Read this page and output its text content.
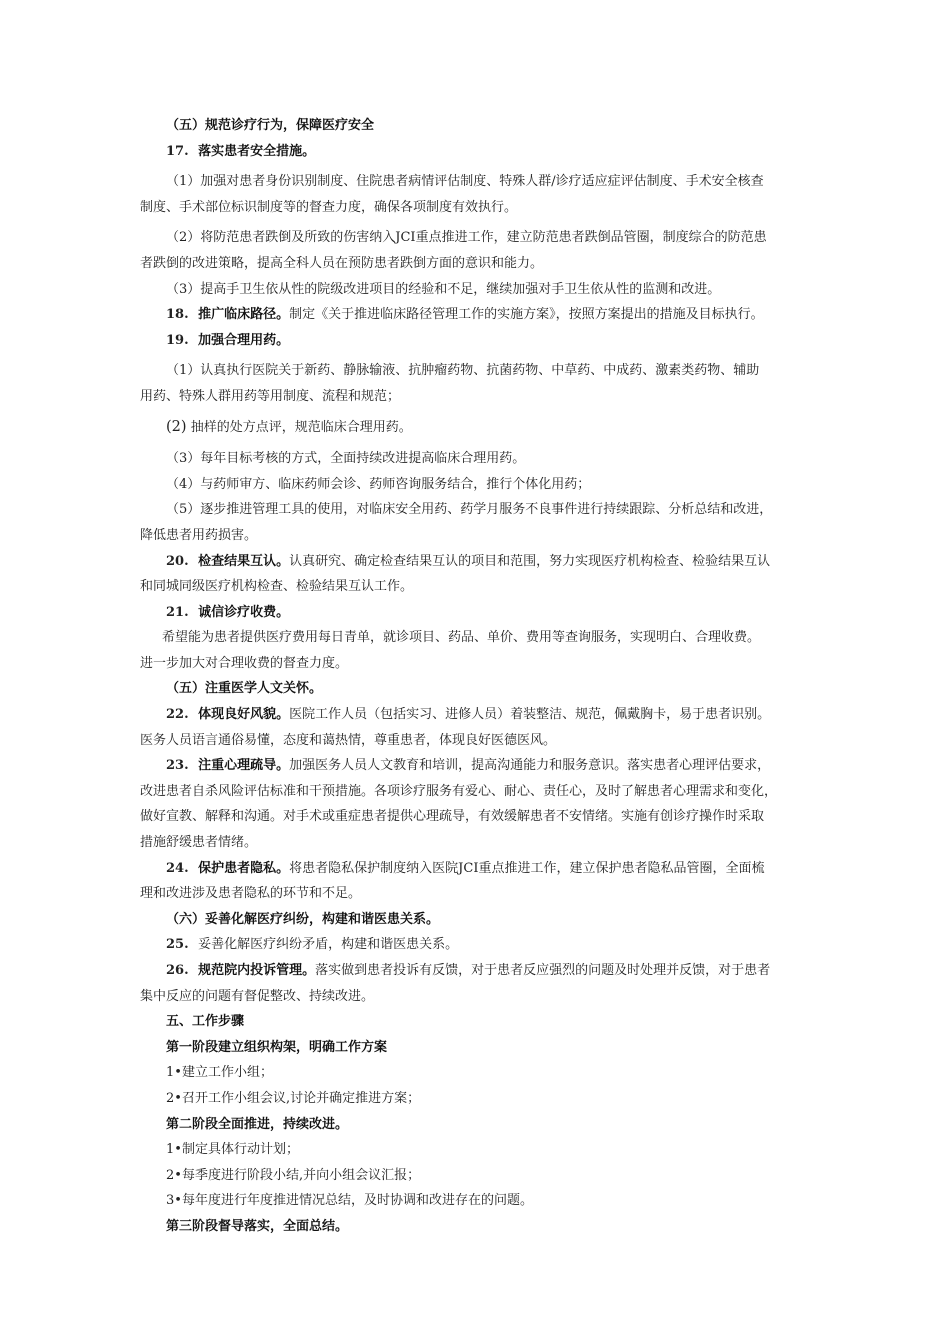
（五）规范诊疗行为，保障医疗安全
17. 落实患者安全措施。
（1）加强对患者身份识别制度、住院患者病情评估制度、特殊人群/诊疗适应症评估制度、手术安全核查
制度、手术部位标识制度等的督查力度，确保各项制度有效执行。
（2）将防范患者跌倒及所致的伤害纳入JCI重点推进工作，建立防范患者跌倒品管圈，制度综合的防范患
者跌倒的改进策略，提高全科人员在预防患者跌倒方面的意识和能力。
（3）提高手卫生依从性的院级改进项目的经验和不足，继续加强对手卫生依从性的监测和改进。
18. 推广临床路径。制定《关于推进临床路径管理工作的实施方案》，按照方案提出的措施及目标执行。
19. 加强合理用药。
（1）认真执行医院关于新药、静脉输液、抗肿瘤药物、抗菌药物、中草药、中成药、激素类药物、辅助
用药、特殊人群用药等用制度、流程和规范；
(2) 抽样的处方点评，规范临床合理用药。
（3）每年目标考核的方式，全面持续改进提高临床合理用药。
（4）与药师审方、临床药师会诊、药师咨询服务结合，推行个体化用药；
（5）逐步推进管理工具的使用，对临床安全用药、药学月服务不良事件进行持续跟踪、分析总结和改进，
降低患者用药损害。
20. 检查结果互认。认真研究、确定检查结果互认的项目和范围，努力实现医疗机构检查、检验结果互认
和同城同级医疗机构检查、检验结果互认工作。
21. 诚信诊疗收费。
希望能为患者提供医疗费用每日青单，就诊项目、药品、单价、费用等查询服务，实现明白、合理收费。
进一步加大对合理收费的督查力度。
（五）注重医学人文关怀。
22. 体现良好风貌。医院工作人员（包括实习、进修人员）着装整洁、规范，佩戴胸卡，易于患者识别。
医务人员语言通俗易懂，态度和蔼热情，尊重患者，体现良好医德医风。
23. 注重心理疏导。加强医务人员人文教育和培训，提高沟通能力和服务意识。落实患者心理评估要求，
改进患者自杀风险评估标准和干预措施。各项诊疗服务有爱心、耐心、责任心，及时了解患者心理需求和变化，
做好宣教、解释和沟通。对手术或重症患者提供心理疏导，有效缓解患者不安情绪。实施有创诊疗操作时采取
措施舒缓患者情绪。
24. 保护患者隐私。将患者隐私保护制度纳入医院JCI重点推进工作，建立保护患者隐私品管圈，全面梳
理和改进涉及患者隐私的环节和不足。
（六）妥善化解医疗纠纷，构建和谐医患关系。
25. 妥善化解医疗纠纷矛盾，构建和谐医患关系。
26. 规范院内投诉管理。落实做到患者投诉有反馈，对于患者反应强烈的问题及时处理并反馈，对于患者
集中反应的问题有督促整改、持续改进。
五、工作步骤
第一阶段建立组织构架，明确工作方案
1•建立工作小组；
2•召开工作小组会议,讨论并确定推进方案；
第二阶段全面推进，持续改进。
1•制定具体行动计划；
2•每季度进行阶段小结,并向小组会议汇报；
3•每年度进行年度推进情况总结，及时协调和改进存在的问题。
第三阶段督导落实，全面总结。
